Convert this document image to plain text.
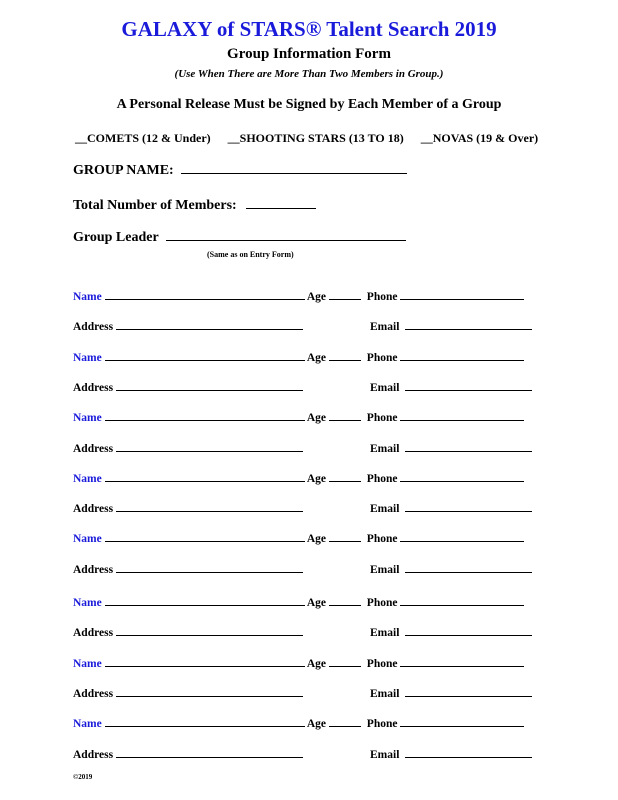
GALAXY of STARS® Talent Search 2019
Group Information Form
(Use When There are More Than Two Members in Group.)
A Personal Release Must be Signed by Each Member of a Group
__COMETS (12 & Under) __SHOOTING STARS (13 TO 18) __NOVAS (19 & Over)
GROUP NAME:
Total Number of Members:
Group Leader
(Same as on Entry Form)
Name	Age	Phone
Address	Email
Name	Age	Phone
Address	Email
Name	Age	Phone
Address	Email
Name	Age	Phone
Address	Email
Name	Age	Phone
Address	Email
Name	Age	Phone
Address	Email
Name	Age	Phone
Address	Email
Name	Age	Phone
Address	Email
©2019
